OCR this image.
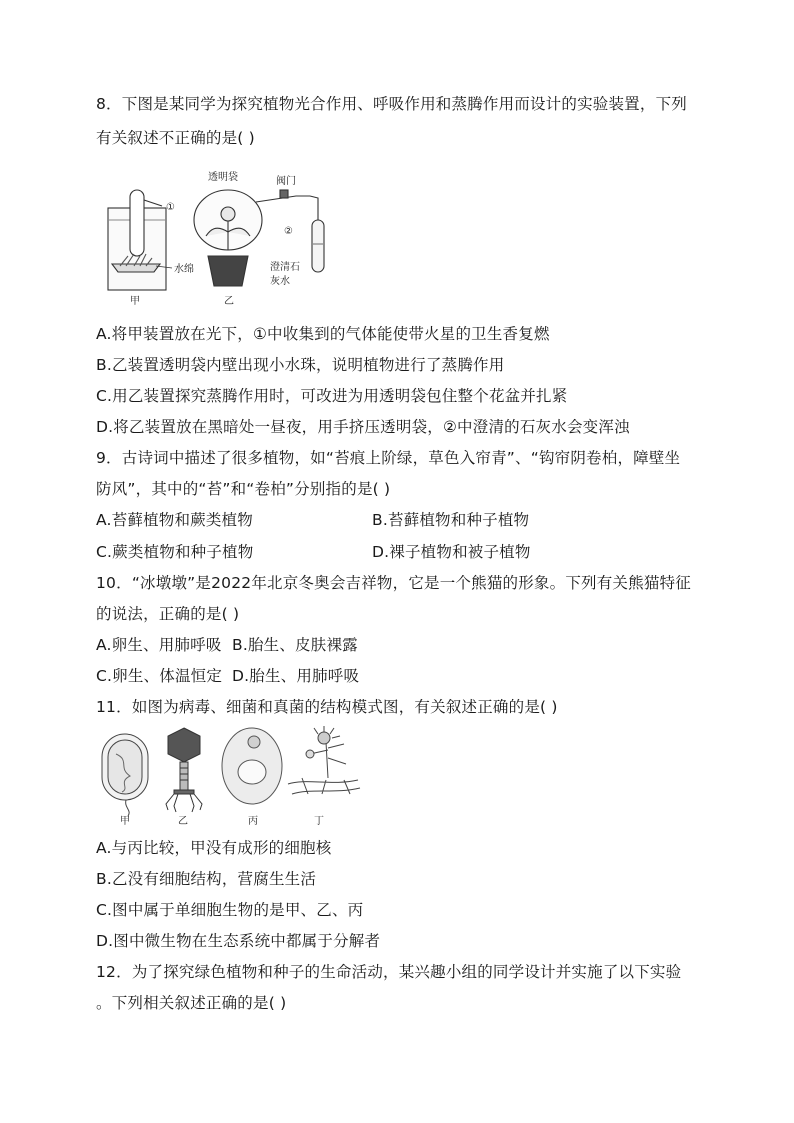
8．下图是某同学为探究植物光合作用、呼吸作用和蒸腾作用而设计的实验装置，下列
有关叙述不正确的是( )
①
水绵
甲
透明袋	阀门
②
澄清石
灰水
乙
A.将甲装置放在光下，①中收集到的气体能使带火星的卫生香复燃
B.乙装置透明袋内壁出现小水珠，说明植物进行了蒸腾作用
C.用乙装置探究蒸腾作用时，可改进为用透明袋包住整个花盆并扎紧
D.将乙装置放在黑暗处一昼夜，用手挤压透明袋，②中澄清的石灰水会变浑浊
9．古诗词中描述了很多植物，如“苔痕上阶绿，草色入帘青”、“钩帘阴卷柏，障壁坐
防风”，其中的“苔”和“卷柏”分别指的是( )
A.苔藓植物和蕨类植物	B.苔藓植物和种子植物
C.蕨类植物和种子植物	D.裸子植物和被子植物
10．“冰墩墩”是2022年北京冬奥会吉祥物，它是一个熊猫的形象。下列有关熊猫特征
的说法，正确的是( )
A.卵生、用肺呼吸 B.胎生、皮肤裸露
C.卵生、体温恒定 D.胎生、用肺呼吸
11．如图为病毒、细菌和真菌的结构模式图，有关叙述正确的是( )
甲	乙	丙	丁
A.与丙比较，甲没有成形的细胞核
B.乙没有细胞结构，营腐生生活
C.图中属于单细胞生物的是甲、乙、丙
D.图中微生物在生态系统中都属于分解者
12．为了探究绿色植物和种子的生命活动，某兴趣小组的同学设计并实施了以下实验
。下列相关叙述正确的是( )
